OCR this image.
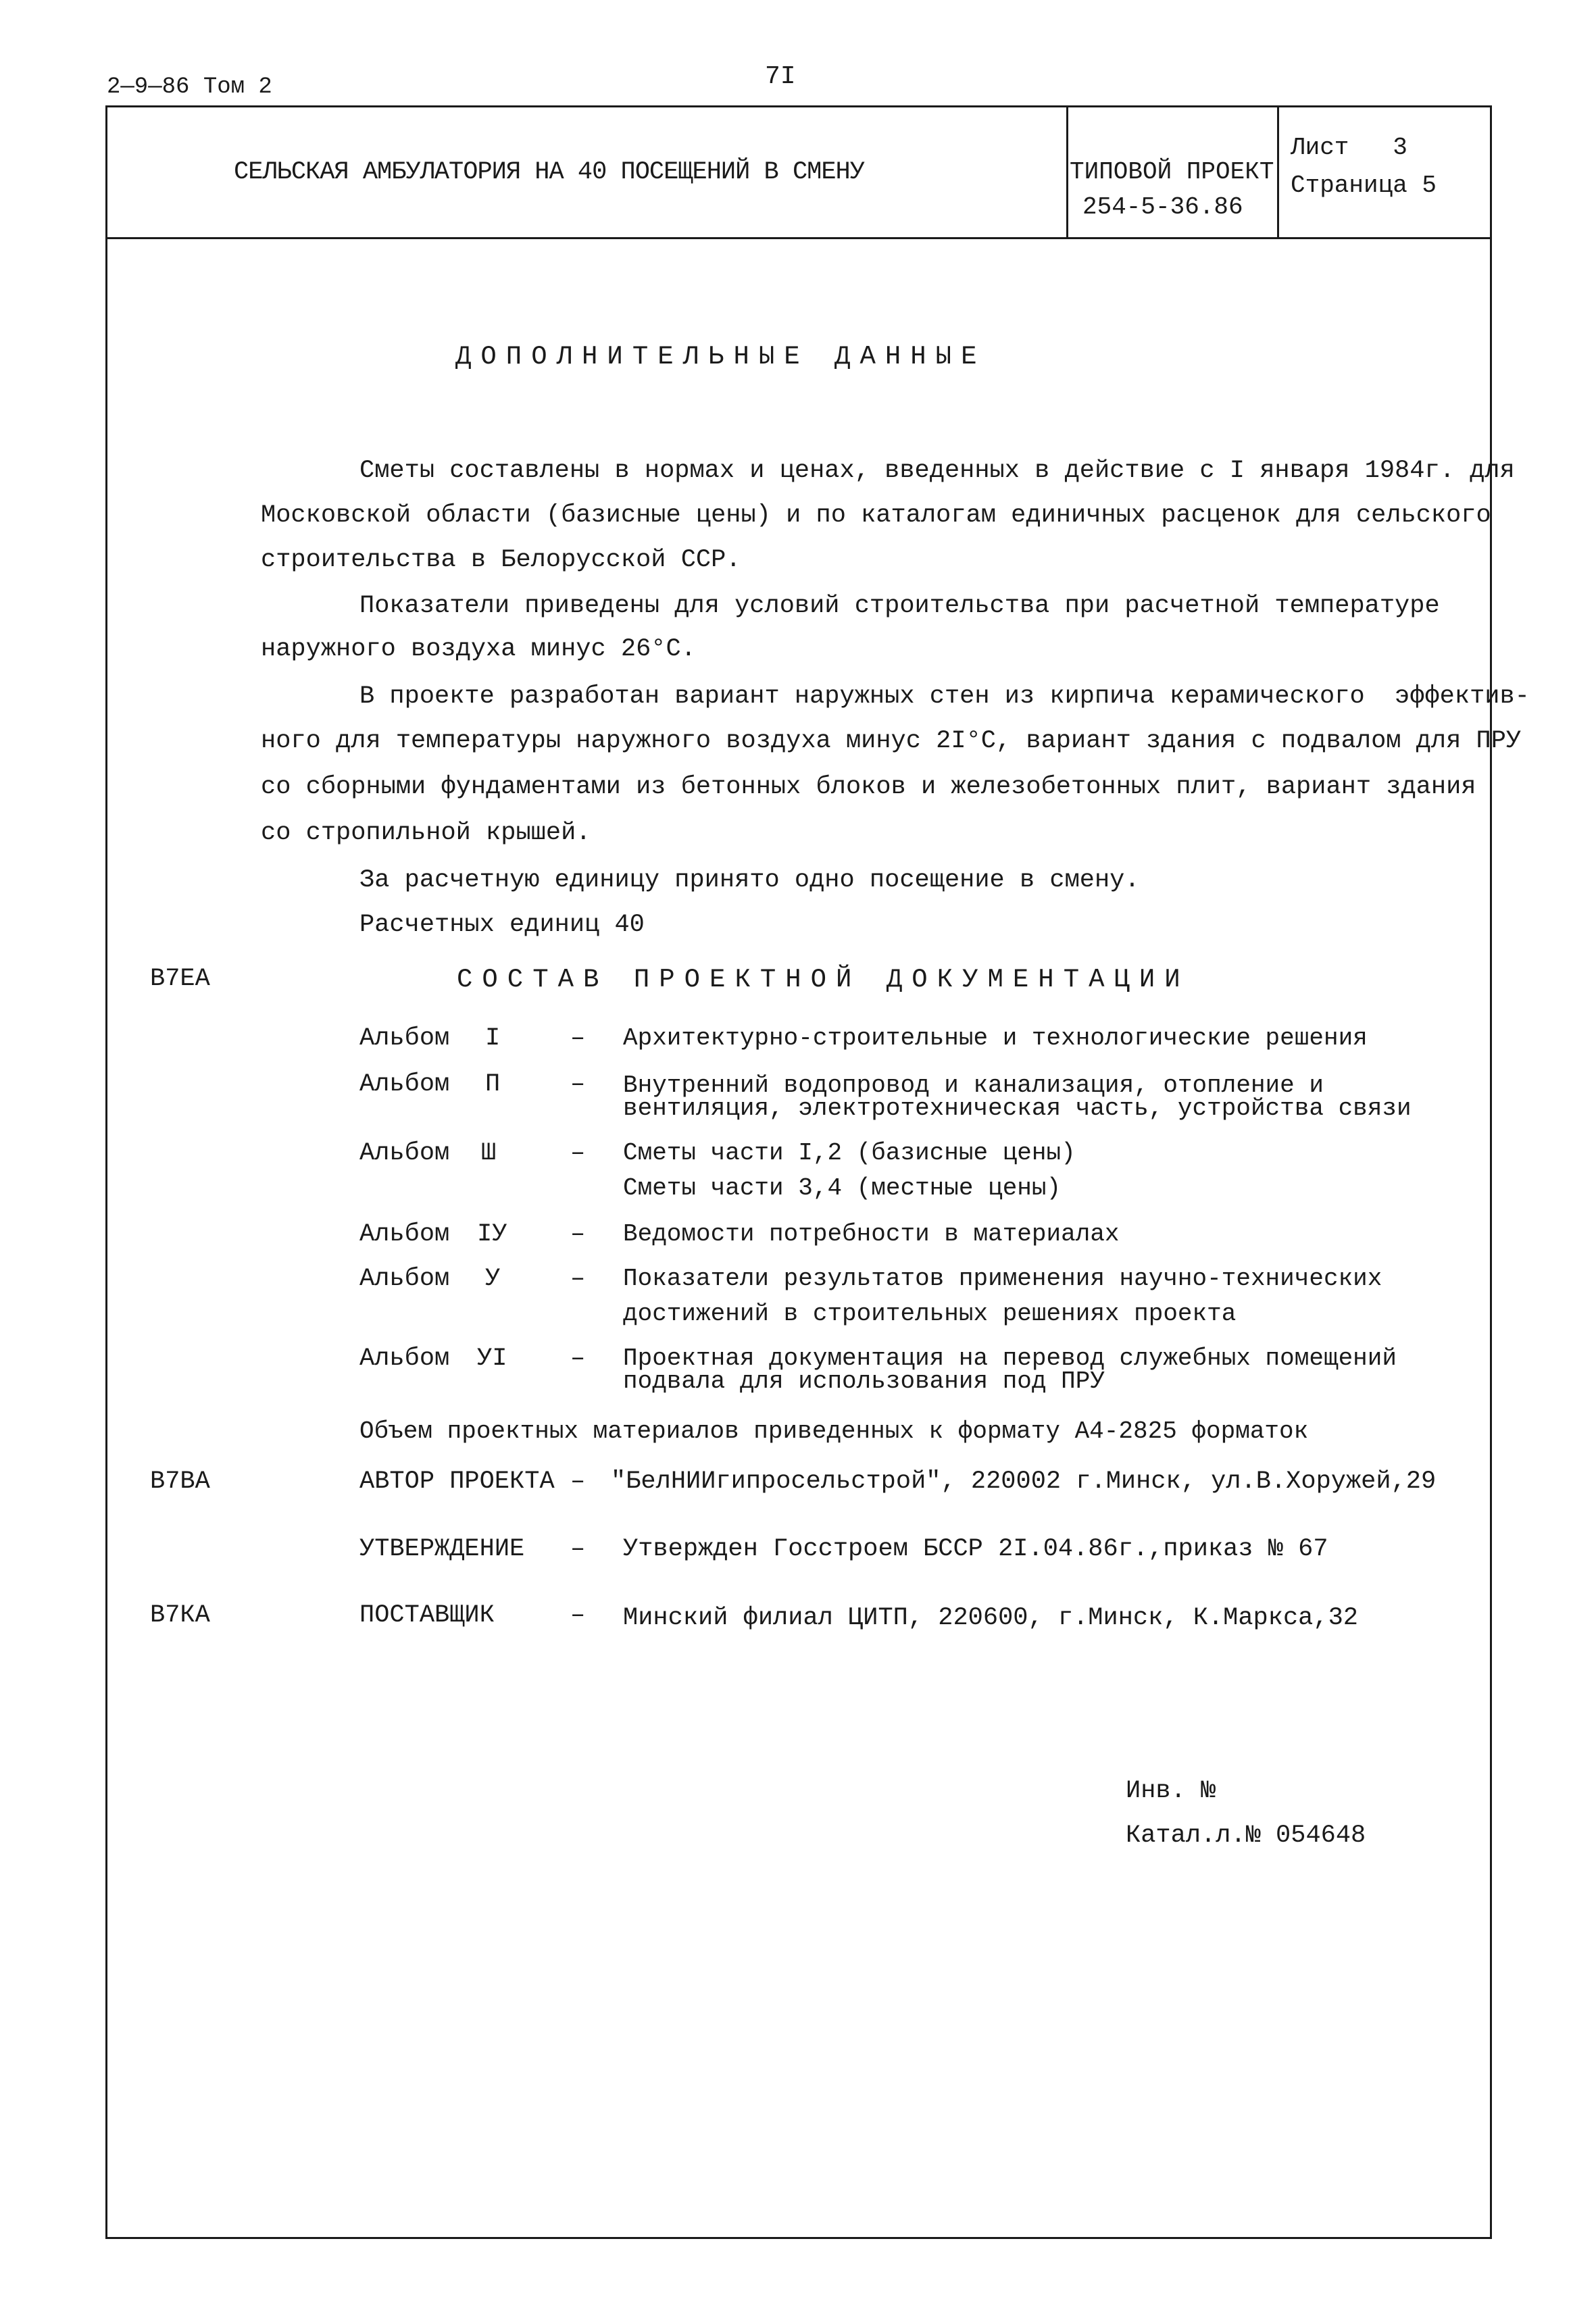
2—9—86 Том 2	7I
СЕЛЬСКАЯ АМБУЛАТОРИЯ НА 40 ПОСЕЩЕНИЙ В СМЕНУ	ТИПОВОЙ ПРОЕКТ
254-5-36.86
Лист   3
Страница 5
ДОПОЛНИТЕЛЬНЫЕ ДАННЫЕ
Сметы составлены в нормах и ценах, введенных в действие с I января 1984г. для
Московской области (базисные цены) и по каталогам единичных расценок для сельского
строительства в Белорусской ССР.
Показатели приведены для условий строительства при расчетной температуре
наружного воздуха минус 26°С.
В проекте разработан вариант наружных стен из кирпича керамического  эффектив-
ного для температуры наружного воздуха минус 2I°С, вариант здания с подвалом для ПРУ
со сборными фундаментами из бетонных блоков и железобетонных плит, вариант здания
со стропильной крышей.
За расчетную единицу принято одно посещение в смену.
Расчетных единиц 40
В7ЕА	СОСТАВ ПРОЕКТНОЙ ДОКУМЕНТАЦИИ
Альбом I	– Архитектурно-строительные и технологические решения
Альбом П	– Внутренний водопровод и канализация, отопление и вентиляция, электротехническая часть, устройства связи
Альбом Ш	– Сметы части I,2 (базисные цены)
Сметы части 3,4 (местные цены)
Альбом IУ	– Ведомости потребности в материалах
Альбом У	– Показатели результатов применения научно-технических
достижений в строительных решениях проекта
Альбом УI	– Проектная документация на перевод служебных помещений подвала для использования под ПРУ
Объем проектных материалов приведенных к формату А4-2825 форматок
В7ВА	АВТОР ПРОЕКТА – "БелНИИгипросельстрой", 220002 г.Минск, ул.В.Хоружей,29
УТВЕРЖДЕНИЕ – Утвержден Госстроем БССР 2I.04.86г.,приказ № 67
В7КА	ПОСТАВЩИК	– Минский филиал ЦИТП, 220600, г.Минск, К.Маркса,32
Инв. №
Катал.л.№ 054648
